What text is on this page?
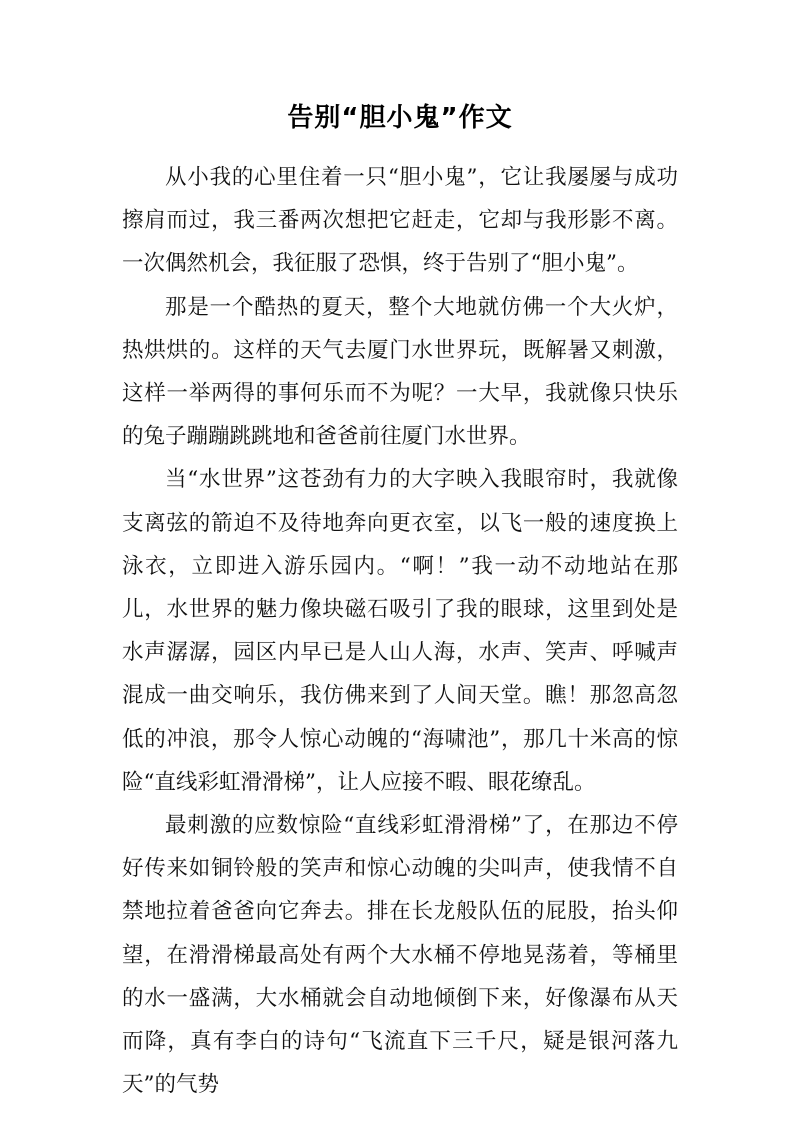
告别“胆小鬼”作文

从小我的心里住着一只“胆小鬼”，它让我屡屡与成功擦肩而过，我三番两次想把它赶走，它却与我形影不离。一次偶然机会，我征服了恐惧，终于告别了“胆小鬼”。

那是一个酷热的夏天，整个大地就仿佛一个大火炉，热烘烘的。这样的天气去厦门水世界玩，既解暑又刺激，这样一举两得的事何乐而不为呢？一大早，我就像只快乐的兔子蹦蹦跳跳地和爸爸前往厦门水世界。

当“水世界”这苍劲有力的大字映入我眼帘时，我就像支离弦的箭迫不及待地奔向更衣室，以飞一般的速度换上泳衣，立即进入游乐园内。“啊！”我一动不动地站在那儿，水世界的魅力像块磁石吸引了我的眼球，这里到处是水声潺潺，园区内早已是人山人海，水声、笑声、呼喊声混成一曲交响乐，我仿佛来到了人间天堂。瞧！那忽高忽低的冲浪，那令人惊心动魄的“海啸池”，那几十米高的惊险“直线彩虹滑滑梯”，让人应接不暇、眼花缭乱。

最刺激的应数惊险“直线彩虹滑滑梯”了，在那边不停好传来如铜铃般的笑声和惊心动魄的尖叫声，使我情不自禁地拉着爸爸向它奔去。排在长龙般队伍的屁股，抬头仰望，在滑滑梯最高处有两个大水桶不停地晃荡着，等桶里的水一盛满，大水桶就会自动地倾倒下来，好像瀑布从天而降，真有李白的诗句“飞流直下三千尺，疑是银河落九天”的气势
